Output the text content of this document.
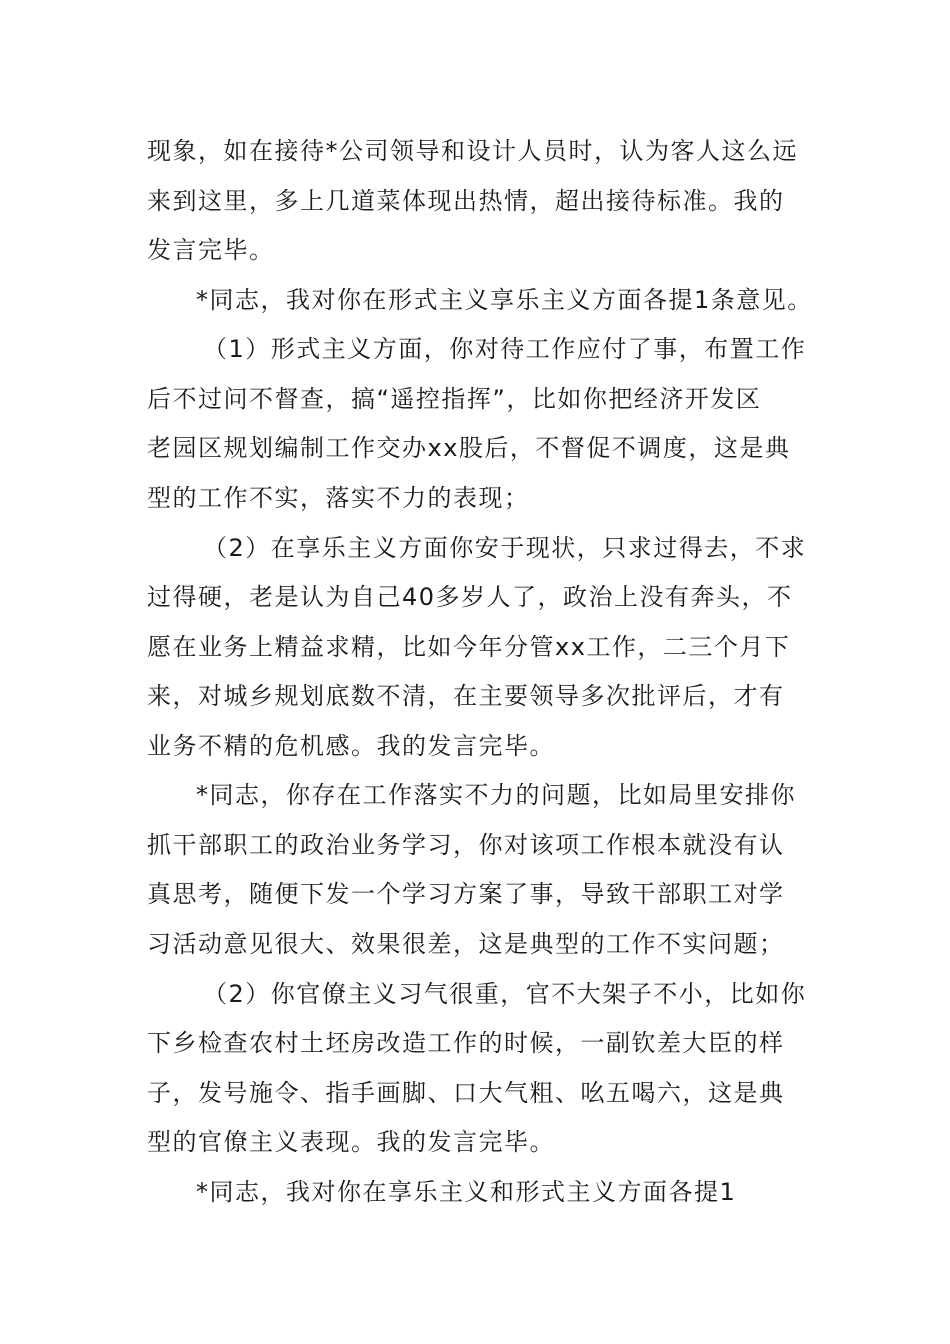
现象，如在接待*公司领导和设计人员时，认为客人这么远
来到这里，多上几道菜体现出热情，超出接待标准。我的
发言完毕。
*同志，我对你在形式主义享乐主义方面各提1条意见。
（1）形式主义方面，你对待工作应付了事，布置工作
后不过问不督查，搞“遥控指挥”，比如你把经济开发区
老园区规划编制工作交办xx股后，不督促不调度，这是典
型的工作不实，落实不力的表现；
（2）在享乐主义方面你安于现状，只求过得去，不求
过得硬，老是认为自己40多岁人了，政治上没有奔头，不
愿在业务上精益求精，比如今年分管xx工作，二三个月下
来，对城乡规划底数不清，在主要领导多次批评后，才有
业务不精的危机感。我的发言完毕。
*同志，你存在工作落实不力的问题，比如局里安排你
抓干部职工的政治业务学习，你对该项工作根本就没有认
真思考，随便下发一个学习方案了事，导致干部职工对学
习活动意见很大、效果很差，这是典型的工作不实问题；
（2）你官僚主义习气很重，官不大架子不小，比如你
下乡检查农村土坯房改造工作的时候，一副钦差大臣的样
子，发号施令、指手画脚、口大气粗、吆五喝六，这是典
型的官僚主义表现。我的发言完毕。
*同志，我对你在享乐主义和形式主义方面各提1
